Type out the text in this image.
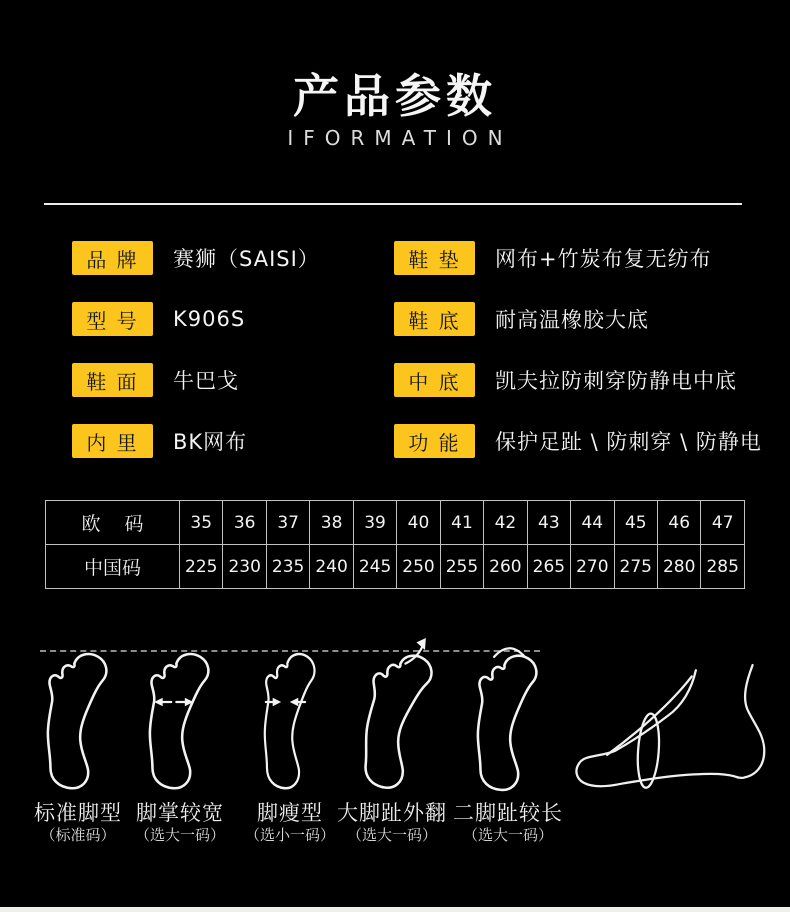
产品参数
IFORMATION
品 牌	赛狮（SAISI）
型 号	K906S
鞋 面	牛巴戈
内 里	BK网布
鞋 垫	网布+竹炭布复无纺布
鞋 底	耐高温橡胶大底
中 底	凯夫拉防刺穿防静电中底
功 能	保护足趾 \ 防刺穿 \ 防静电
欧 码	35	36	37	38	39	40	41	42	43	44	45	46	47
中国码	225	230	235	240	245	250	255	260	265	270	275	280	285
标准脚型
（标准码）
脚掌较宽
（选大一码）
脚瘦型
（选小一码）
大脚趾外翻
（选大一码）
二脚趾较长
（选大一码）
